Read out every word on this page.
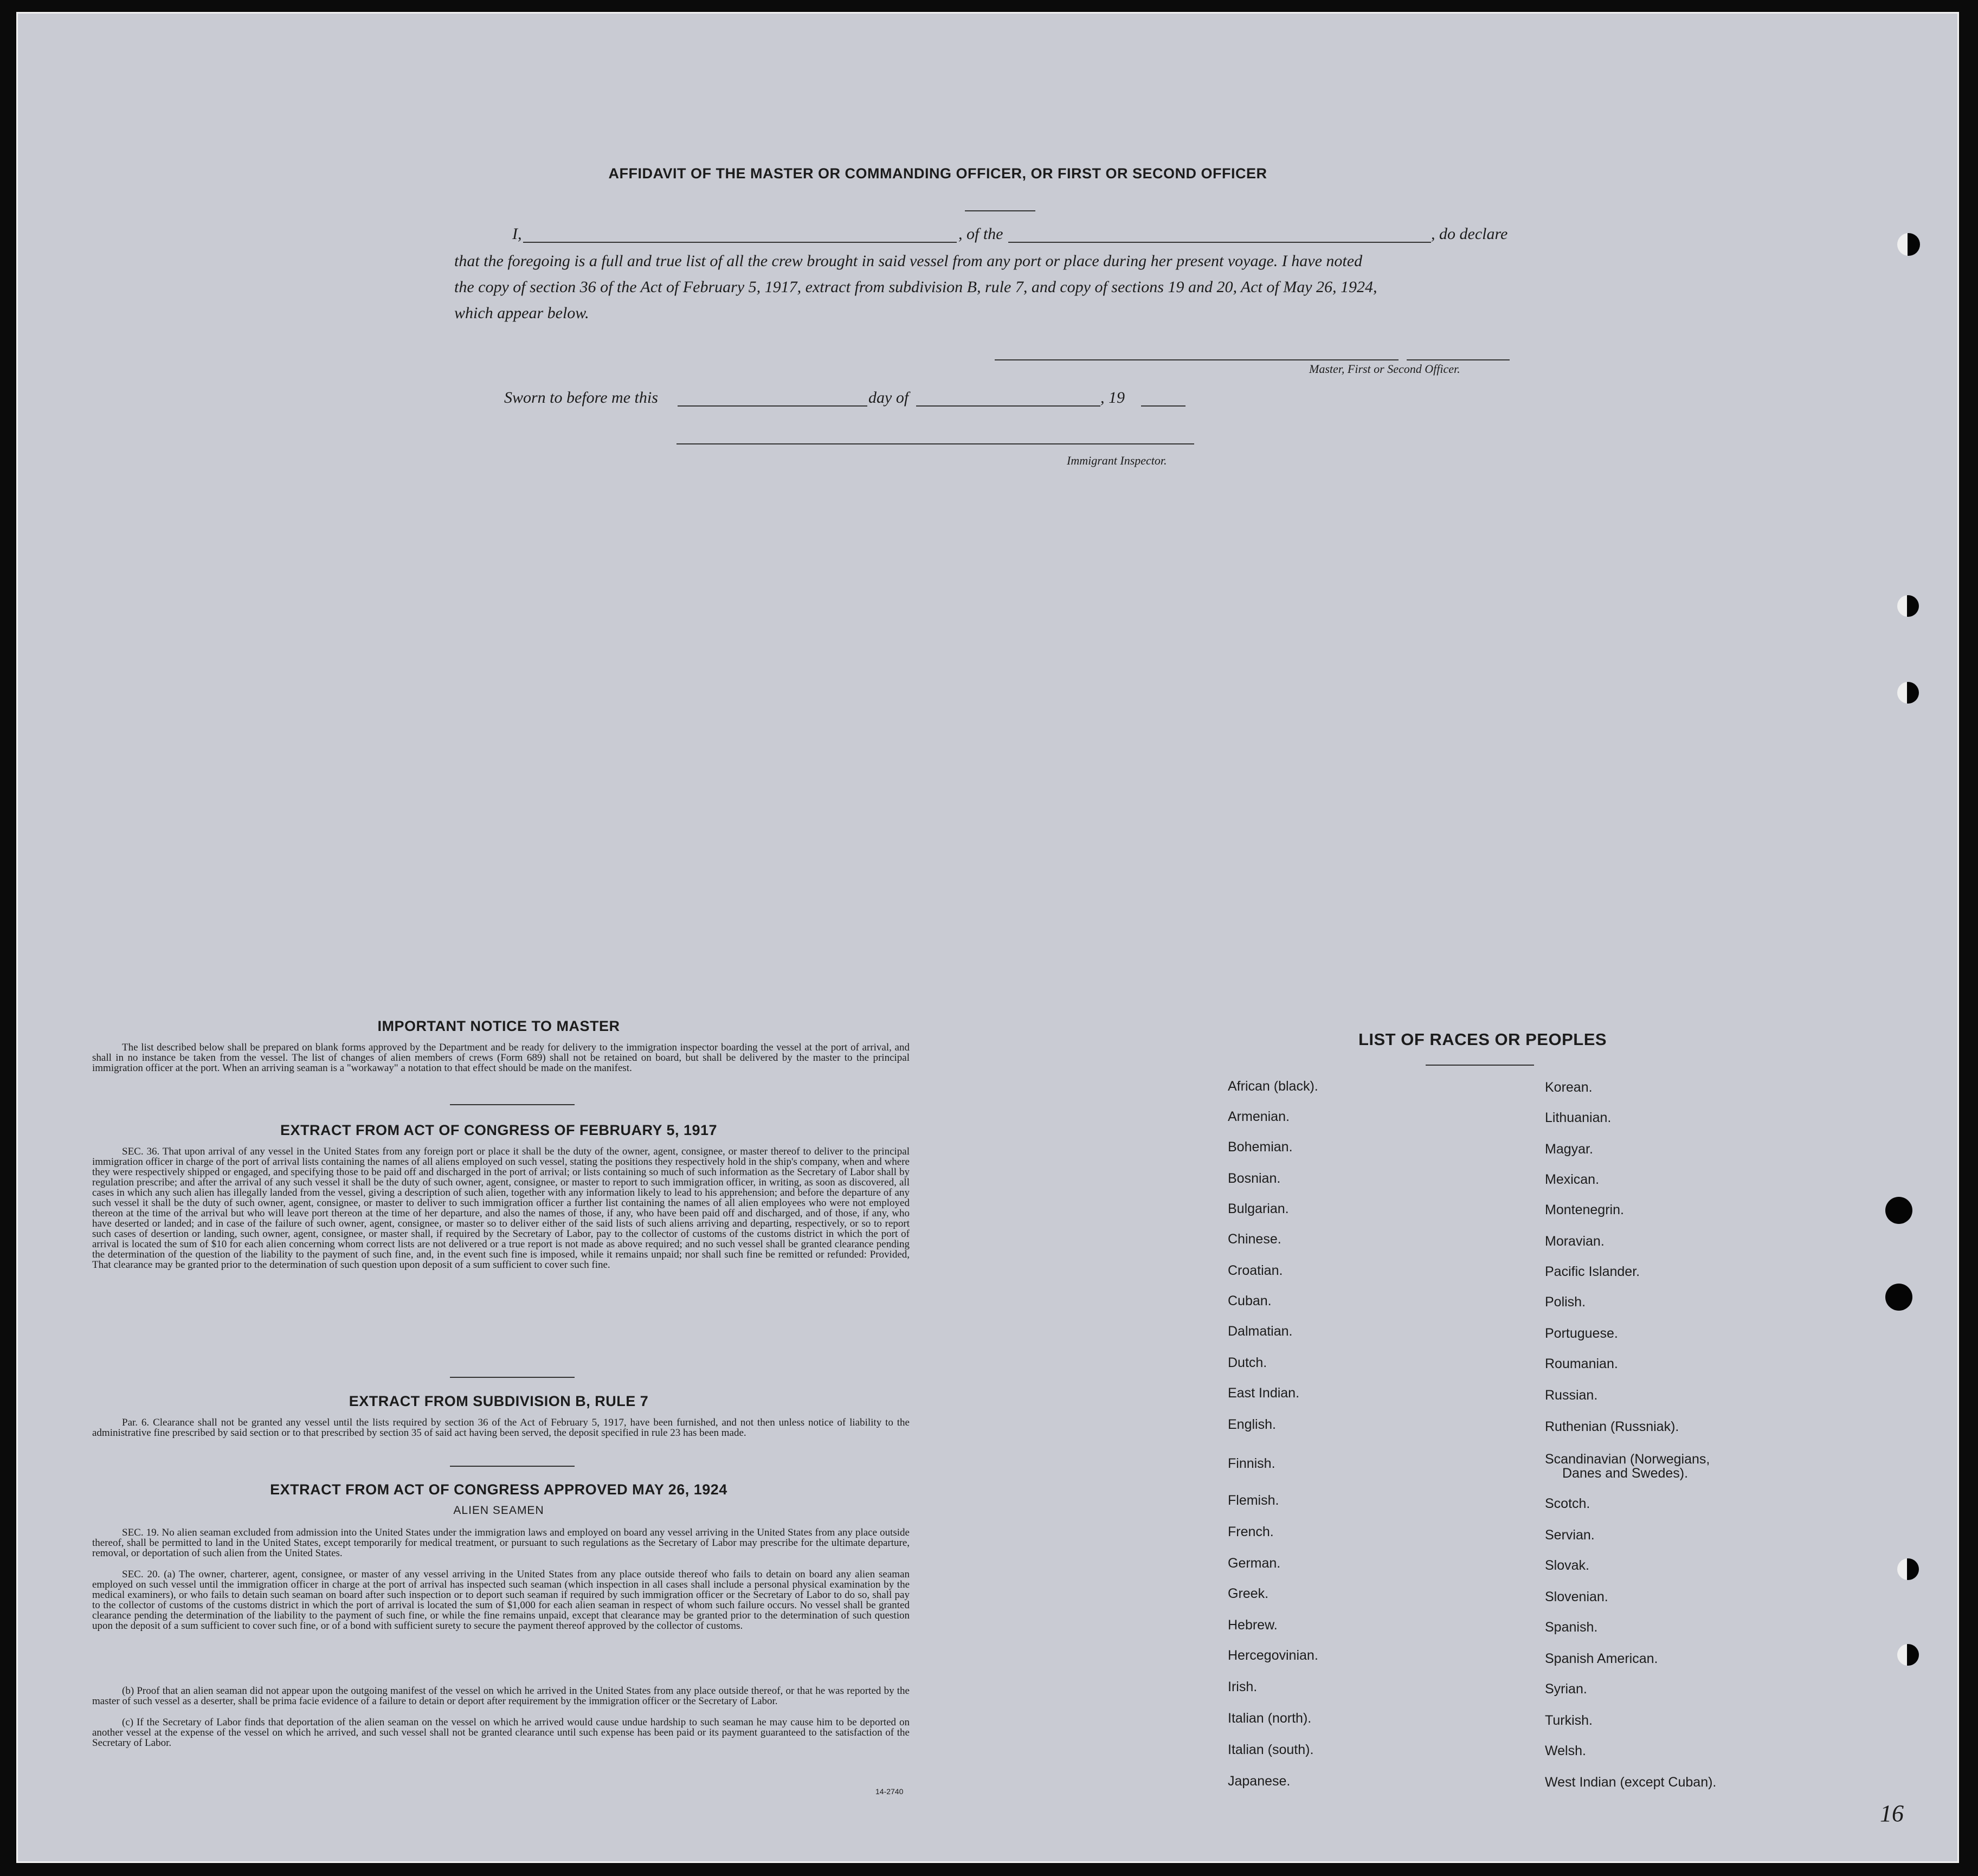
AFFIDAVIT OF THE MASTER OR COMMANDING OFFICER, OR FIRST OR SECOND OFFICER
I,	, of the	, do declare
that the foregoing is a full and true list of all the crew brought in said vessel from any port or place during her present voyage. I have noted
the copy of section 36 of the Act of February 5, 1917, extract from subdivision B, rule 7, and copy of sections 19 and 20, Act of May 26, 1924,
which appear below.
Master, First or Second Officer.
Sworn to before me this	day of	, 19
Immigrant Inspector.
IMPORTANT NOTICE TO MASTER
The list described below shall be prepared on blank forms approved by the Department and be ready for delivery to the immigration inspector boarding the vessel at the port of arrival, and shall in no instance be taken from the vessel. The list of changes of alien members of crews (Form 689) shall not be retained on board, but shall be delivered by the master to the principal immigration officer at the port. When an arriving seaman is a "workaway" a notation to that effect should be made on the manifest.
EXTRACT FROM ACT OF CONGRESS OF FEBRUARY 5, 1917
SEC. 36. That upon arrival of any vessel in the United States from any foreign port or place it shall be the duty of the owner, agent, consignee, or master thereof to deliver to the principal immigration officer in charge of the port of arrival lists containing the names of all aliens employed on such vessel, stating the positions they respectively hold in the ship's company, when and where they were respectively shipped or engaged, and specifying those to be paid off and discharged in the port of arrival; or lists containing so much of such information as the Secretary of Labor shall by regulation prescribe; and after the arrival of any such vessel it shall be the duty of such owner, agent, consignee, or master to report to such immigration officer, in writing, as soon as discovered, all cases in which any such alien has illegally landed from the vessel, giving a description of such alien, together with any information likely to lead to his apprehension; and before the departure of any such vessel it shall be the duty of such owner, agent, consignee, or master to deliver to such immigration officer a further list containing the names of all alien employees who were not employed thereon at the time of the arrival but who will leave port thereon at the time of her departure, and also the names of those, if any, who have been paid off and discharged, and of those, if any, who have deserted or landed; and in case of the failure of such owner, agent, consignee, or master so to deliver either of the said lists of such aliens arriving and departing, respectively, or so to report such cases of desertion or landing, such owner, agent, consignee, or master shall, if required by the Secretary of Labor, pay to the collector of customs of the customs district in which the port of arrival is located the sum of $10 for each alien concerning whom correct lists are not delivered or a true report is not made as above required; and no such vessel shall be granted clearance pending the determination of the question of the liability to the payment of such fine, and, in the event such fine is imposed, while it remains unpaid; nor shall such fine be remitted or refunded: Provided, That clearance may be granted prior to the determination of such question upon deposit of a sum sufficient to cover such fine.
EXTRACT FROM SUBDIVISION B, RULE 7
Par. 6. Clearance shall not be granted any vessel until the lists required by section 36 of the Act of February 5, 1917, have been furnished, and not then unless notice of liability to the administrative fine prescribed by said section or to that prescribed by section 35 of said act having been served, the deposit specified in rule 23 has been made.
EXTRACT FROM ACT OF CONGRESS APPROVED MAY 26, 1924
ALIEN SEAMEN
SEC. 19. No alien seaman excluded from admission into the United States under the immigration laws and employed on board any vessel arriving in the United States from any place outside thereof, shall be permitted to land in the United States, except temporarily for medical treatment, or pursuant to such regulations as the Secretary of Labor may prescribe for the ultimate departure, removal, or deportation of such alien from the United States.
SEC. 20. (a) The owner, charterer, agent, consignee, or master of any vessel arriving in the United States from any place outside thereof who fails to detain on board any alien seaman employed on such vessel until the immigration officer in charge at the port of arrival has inspected such seaman (which inspection in all cases shall include a personal physical examination by the medical examiners), or who fails to detain such seaman on board after such inspection or to deport such seaman if required by such immigration officer or the Secretary of Labor to do so, shall pay to the collector of customs of the customs district in which the port of arrival is located the sum of $1,000 for each alien seaman in respect of whom such failure occurs. No vessel shall be granted clearance pending the determination of the liability to the payment of such fine, or while the fine remains unpaid, except that clearance may be granted prior to the determination of such question upon the deposit of a sum sufficient to cover such fine, or of a bond with sufficient surety to secure the payment thereof approved by the collector of customs.
(b) Proof that an alien seaman did not appear upon the outgoing manifest of the vessel on which he arrived in the United States from any place outside thereof, or that he was reported by the master of such vessel as a deserter, shall be prima facie evidence of a failure to detain or deport after requirement by the immigration officer or the Secretary of Labor.
(c) If the Secretary of Labor finds that deportation of the alien seaman on the vessel on which he arrived would cause undue hardship to such seaman he may cause him to be deported on another vessel at the expense of the vessel on which he arrived, and such vessel shall not be granted clearance until such expense has been paid or its payment guaranteed to the satisfaction of the Secretary of Labor.
14-2740
LIST OF RACES OR PEOPLES
African (black).
Armenian.
Bohemian.
Bosnian.
Bulgarian.
Chinese.
Croatian.
Cuban.
Dalmatian.
Dutch.
East Indian.
English.
Finnish.
Flemish.
French.
German.
Greek.
Hebrew.
Hercegovinian.
Irish.
Italian (north).
Italian (south).
Japanese.
Korean.
Lithuanian.
Magyar.
Mexican.
Montenegrin.
Moravian.
Pacific Islander.
Polish.
Portuguese.
Roumanian.
Russian.
Ruthenian (Russniak).
Scandinavian (Norwegians,
Danes and Swedes).
Scotch.
Servian.
Slovak.
Slovenian.
Spanish.
Spanish American.
Syrian.
Turkish.
Welsh.
West Indian (except Cuban).
16
